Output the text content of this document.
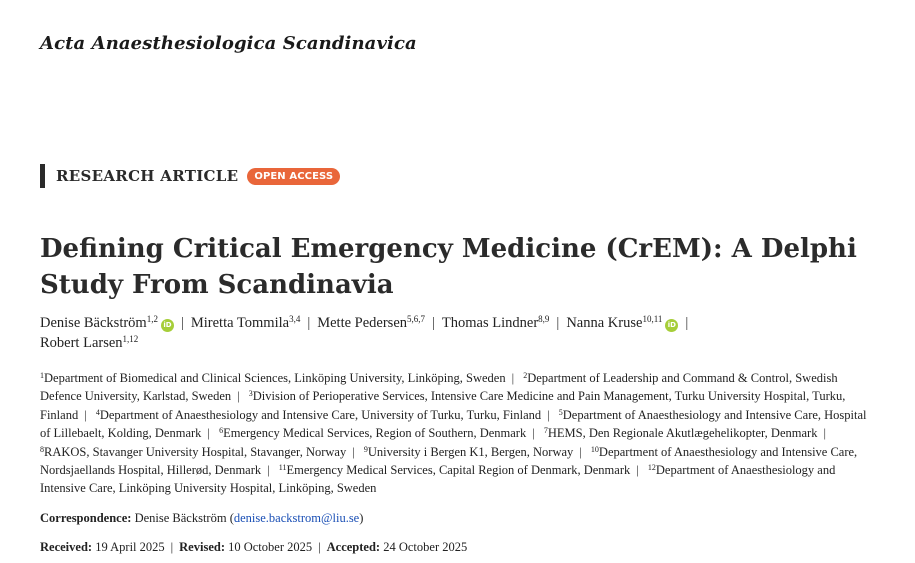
Acta Anaesthesiologica Scandinavica
RESEARCH ARTICLE	OPEN ACCESS
Defining Critical Emergency Medicine (CrEM): A Delphi Study From Scandinavia
Denise Bäckström$^{1,2}$iD | Miretta Tommila$^{3,4}$ | Mette Pedersen$^{5,6,7}$ | Thomas Lindner$^{8,9}$ | Nanna Kruse$^{10,11}$iD |
Robert Larsen$^{1,12}$
$^1$Department of Biomedical and Clinical Sciences, Linköping University, Linköping, Sweden | $^2$Department of Leadership and Command & Control, Swedish Defence University, Karlstad, Sweden | $^3$Division of Perioperative Services, Intensive Care Medicine and Pain Management, Turku University Hospital, Turku, Finland | $^4$Department of Anaesthesiology and Intensive Care, University of Turku, Turku, Finland | $^5$Department of Anaesthesiology and Intensive Care, Hospital of Lillebaelt, Kolding, Denmark | $^6$Emergency Medical Services, Region of Southern, Denmark | $^7$HEMS, Den Regionale Akutlægehelikopter, Denmark | $^8$RAKOS, Stavanger University Hospital, Stavanger, Norway | $^9$University i Bergen K1, Bergen, Norway | $^{10}$Department of Anaesthesiology and Intensive Care, Nordsjaellands Hospital, Hillerød, Denmark | $^{11}$Emergency Medical Services, Capital Region of Denmark, Denmark | $^{12}$Department of Anaesthesiology and Intensive Care, Linköping University Hospital, Linköping, Sweden
Correspondence: Denise Bäckström (denise.backstrom@liu.se)
Received: 19 April 2025 | Revised: 10 October 2025 | Accepted: 24 October 2025
